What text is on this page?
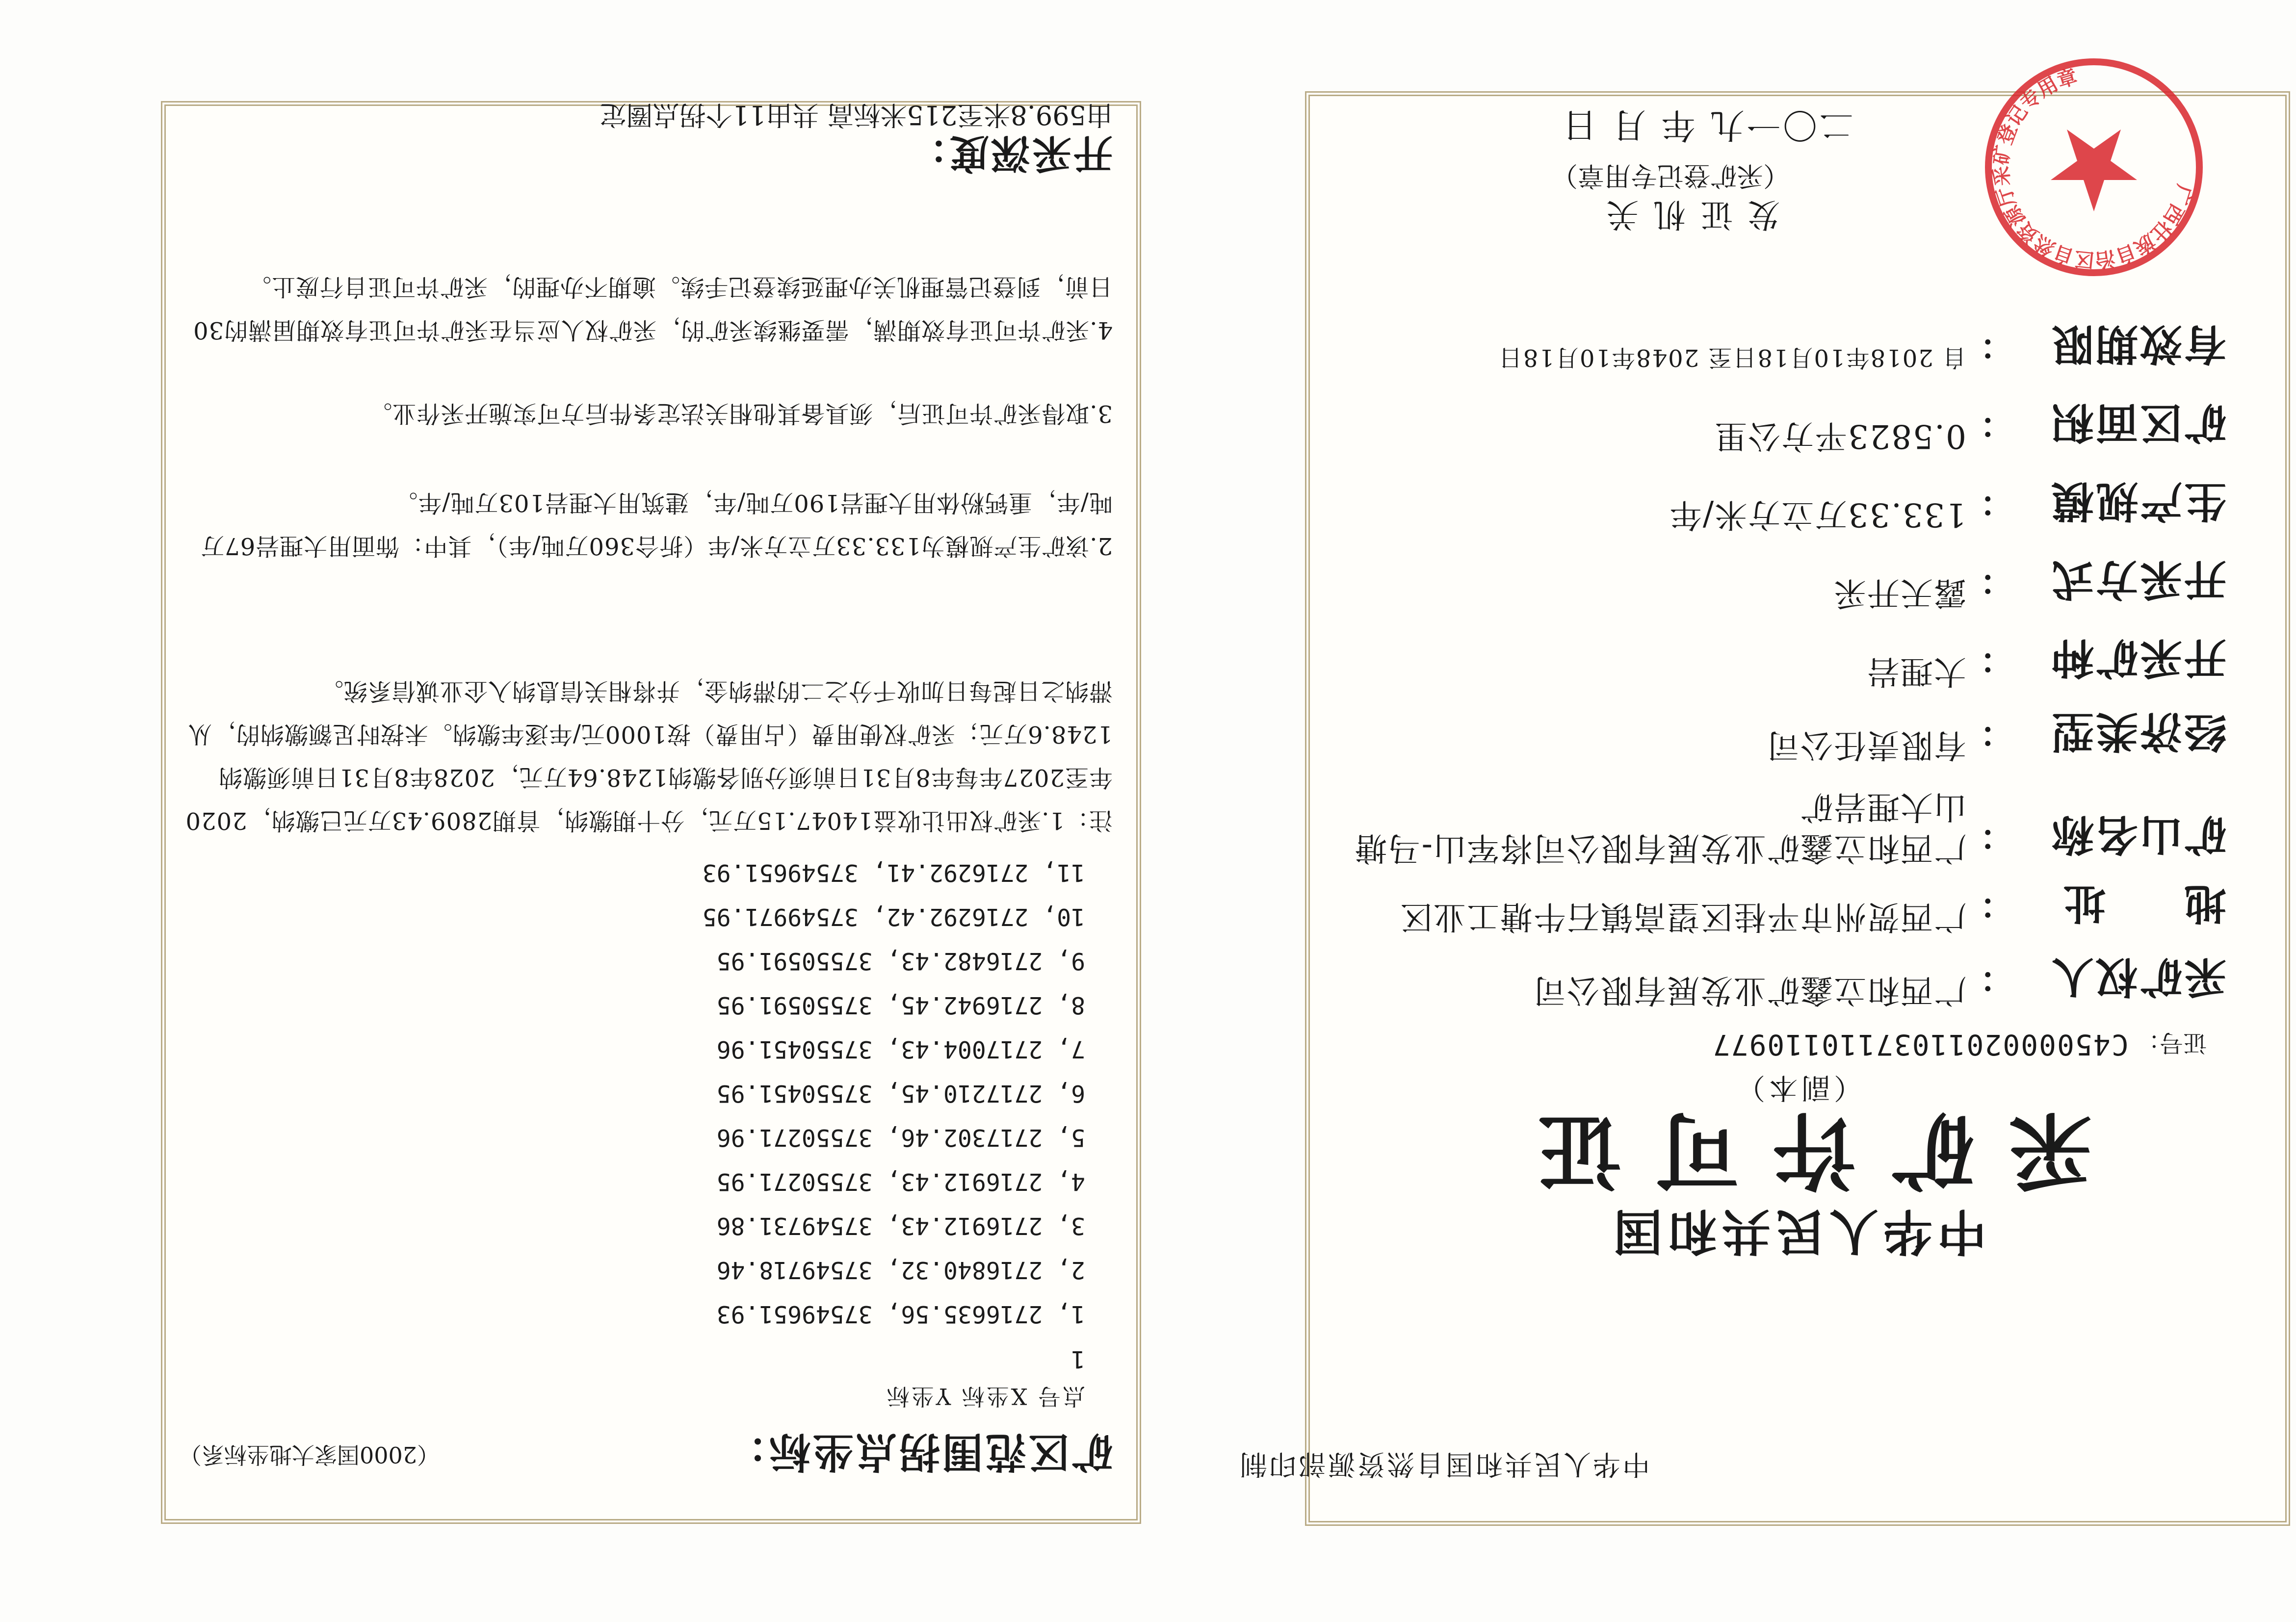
中华人民共和国自然资源部印制
中华人民共和国
采矿许可证
（副本）
证号： C4500002011037110110977
采矿权人
：
广西和立鑫矿业发展有限公司
地址
：
广西贺州市平桂区望高镇石牛塘工业区
矿山名称
：
广西和立鑫矿业发展有限公司将军山-马塘山大理岩矿
经济类型
：
有限责任公司
开采矿种
：
大理岩
开采方式
：
露天开采
生产规模
：
133.33万立方米/年
矿区面积
：
0.5823平方公里
有效期限
：
自 2018年10月18日至 2048年10月18日
发证机关
（采矿登记专用章）
二〇一九 年 月 日
广西壮族自治区自然资源厅采矿登记专用章
矿区范围拐点坐标：
（2000国家大地坐标系）
点号 X坐标 Y坐标
1
1, 2716635.56, 37549651.93
2, 2716840.32, 37549718.46
3, 2716912.43, 37549731.86
4, 2716912.43, 37550271.95
5, 2717302.46, 37550271.96
6, 2717210.45, 37550451.95
7, 2717004.43, 37550451.96
8, 2716942.45, 37550591.95
9, 2716482.43, 37550591.95
10, 2716292.42, 37549971.95
11, 2716292.41, 37549651.93
注：1.采矿权出让收益14047.15万元，分十期缴纳，首期2809.43万元已缴纳，2020年至2027年每年8月31日前须分别各缴纳1248.64万元，2028年8月31日前须缴纳1248.6万元；采矿权使用费（占用费）按1000元/年逐年缴纳。未按时足额缴纳的，从滞纳之日起每日加收千分之二的滞纳金，并将相关信息纳入企业诚信系统。
2.该矿生产规模为133.33万立方米/年（折合360万吨/年），其中：饰面用大理岩67万吨/年，重钙粉体用大理岩190万吨/年，建筑用大理岩103万吨/年。
3.取得采矿许可证后，须具备其他相关法定条件后方可实施开采作业。
4.采矿许可证有效期满，需要继续采矿的，采矿权人应当在采矿许可证有效期届满的30日前，到登记管理机关办理延续登记手续。逾期不办理的，采矿许可证自行废止。
开采深度：
由599.8米至215米标高 共由11个拐点圈定
